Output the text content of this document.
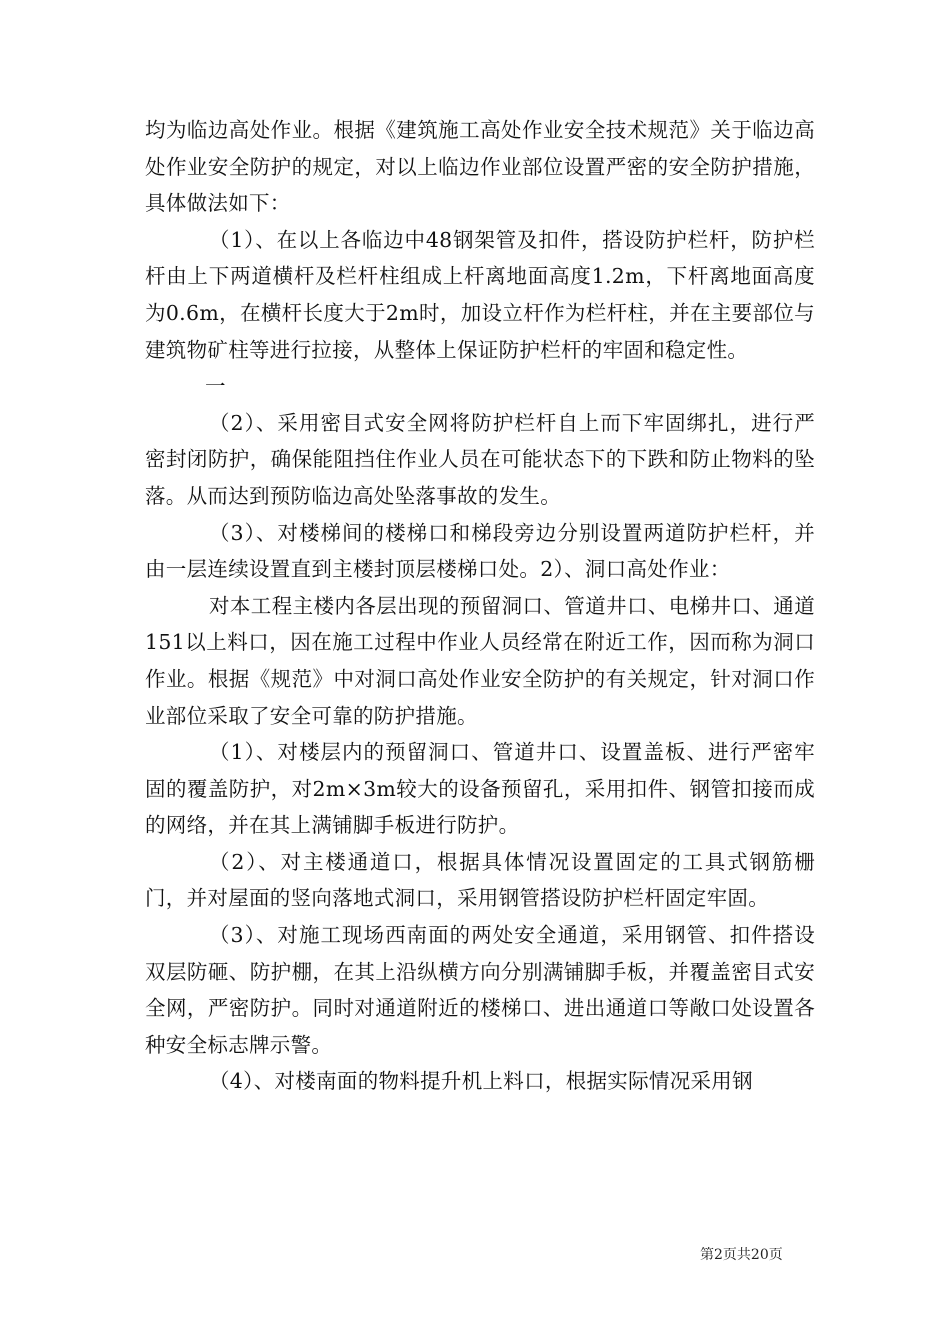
均为临边高处作业。根据《建筑施工高处作业安全技术规范》关于临边高处作业安全防护的规定，对以上临边作业部位设置严密的安全防护措施，具体做法如下：

（1）、在以上各临边中48钢架管及扣件，搭设防护栏杆，防护栏杆由上下两道横杆及栏杆柱组成上杆离地面高度1.2m，下杆离地面高度为0.6m，在横杆长度大于2m时，加设立杆作为栏杆柱，并在主要部位与建筑物矿柱等进行拉接，从整体上保证防护栏杆的牢固和稳定性。

一

（2）、采用密目式安全网将防护栏杆自上而下牢固绑扎，进行严密封闭防护，确保能阻挡住作业人员在可能状态下的下跌和防止物料的坠落。从而达到预防临边高处坠落事故的发生。

（3）、对楼梯间的楼梯口和梯段旁边分别设置两道防护栏杆，并由一层连续设置直到主楼封顶层楼梯口处。2）、洞口高处作业：

对本工程主楼内各层出现的预留洞口、管道井口、电梯井口、通道151以上料口，因在施工过程中作业人员经常在附近工作，因而称为洞口作业。根据《规范》中对洞口高处作业安全防护的有关规定，针对洞口作业部位采取了安全可靠的防护措施。

（1）、对楼层内的预留洞口、管道井口、设置盖板、进行严密牢固的覆盖防护，对2m×3m较大的设备预留孔，采用扣件、钢管扣接而成的网络，并在其上满铺脚手板进行防护。

（2）、对主楼通道口，根据具体情况设置固定的工具式钢筋栅门，并对屋面的竖向落地式洞口，采用钢管搭设防护栏杆固定牢固。

（3）、对施工现场西南面的两处安全通道，采用钢管、扣件搭设双层防砸、防护棚，在其上沿纵横方向分别满铺脚手板，并覆盖密目式安全网，严密防护。同时对通道附近的楼梯口、进出通道口等敞口处设置各种安全标志牌示警。

（4）、对楼南面的物料提升机上料口，根据实际情况采用钢

第2页共20页
